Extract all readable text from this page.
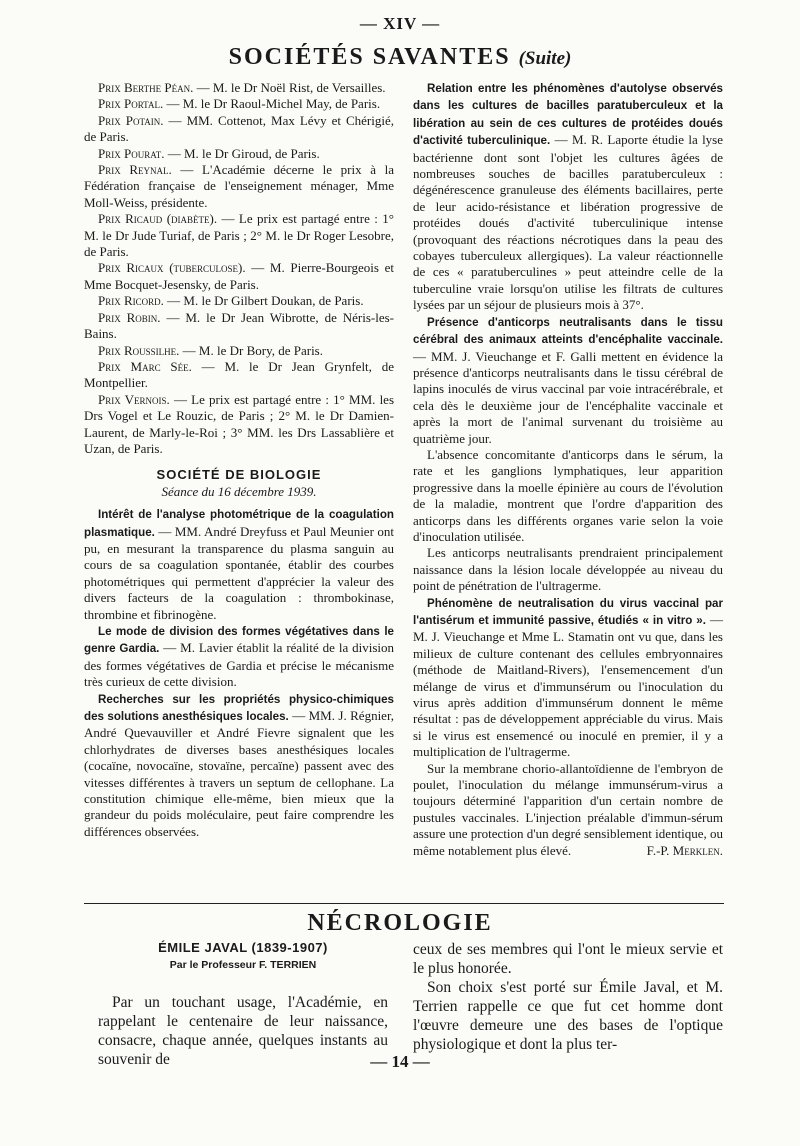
— XIV —
SOCIÉTÉS SAVANTES (Suite)

Prix Berthe Péan. — M. le Dr Noël Rist, de Versailles.

Prix Portal. — M. le Dr Raoul-Michel May, de Paris.

Prix Potain. — MM. Cottenot, Max Lévy et Chérigié, de Paris.

Prix Pourat. — M. le Dr Giroud, de Paris.

Prix Reynal. — L'Académie décerne le prix à la Fédération française de l'enseignement ménager, Mme Moll-Weiss, présidente.

Prix Ricaud (diabète). — Le prix est partagé entre : 1° M. le Dr Jude Turiaf, de Paris ; 2° M. le Dr Roger Lesobre, de Paris.

Prix Ricaux (tuberculose). — M. Pierre-Bourgeois et Mme Bocquet-Jesensky, de Paris.

Prix Ricord. — M. le Dr Gilbert Doukan, de Paris.

Prix Robin. — M. le Dr Jean Wibrotte, de Néris-les-Bains.

Prix Roussilhe. — M. le Dr Bory, de Paris.

Prix Marc Sée. — M. le Dr Jean Grynfelt, de Montpellier.

Prix Vernois. — Le prix est partagé entre : 1° MM. les Drs Vogel et Le Rouzic, de Paris ; 2° M. le Dr Damien-Laurent, de Marly-le-Roi ; 3° MM. les Drs Lassablière et Uzan, de Paris.

SOCIÉTÉ DE BIOLOGIE
Séance du 16 décembre 1939.

Intérêt de l'analyse photométrique de la coagulation plasmatique. — MM. André Dreyfuss et Paul Meunier ont pu, en mesurant la transparence du plasma sanguin au cours de sa coagulation spontanée, établir des courbes photométriques qui permettent d'apprécier la valeur des divers facteurs de la coagulation : thrombokinase, thrombine et fibrinogène.

Le mode de division des formes végétatives dans le genre Gardia. — M. Lavier établit la réalité de la division des formes végétatives de Gardia et précise le mécanisme très curieux de cette division.

Recherches sur les propriétés physico-chimiques des solutions anesthésiques locales. — MM. J. Régnier, André Quevauviller et André Fievre signalent que les chlorhydrates de diverses bases anesthésiques locales (cocaïne, novocaïne, stovaïne, percaïne) passent avec des vitesses différentes à travers un septum de cellophane. La constitution chimique elle-même, bien mieux que la grandeur du poids moléculaire, peut faire comprendre les différences observées.

Relation entre les phénomènes d'autolyse observés dans les cultures de bacilles paratuberculeux et la libération au sein de ces cultures de protéides doués d'activité tuberculinique. — M. R. Laporte étudie la lyse bactérienne dont sont l'objet les cultures âgées de nombreuses souches de bacilles paratuberculeux : dégénérescence granuleuse des éléments bacillaires, perte de leur acido-résistance et libération progressive de protéides doués d'activité tuberculinique intense (provoquant des réactions nécrotiques dans la peau des cobayes tuberculeux allergiques). La valeur réactionnelle de ces « paratuberculines » peut atteindre celle de la tuberculine vraie lorsqu'on utilise les filtrats de cultures lysées par un séjour de plusieurs mois à 37°.

Présence d'anticorps neutralisants dans le tissu cérébral des animaux atteints d'encéphalite vaccinale. — MM. J. Vieuchange et F. Galli mettent en évidence la présence d'anticorps neutralisants dans le tissu cérébral de lapins inoculés de virus vaccinal par voie intracérébrale, et cela dès le deuxième jour de l'encéphalite vaccinale et après la mort de l'animal survenant du troisième au quatrième jour.

L'absence concomitante d'anticorps dans le sérum, la rate et les ganglions lymphatiques, leur apparition progressive dans la moelle épinière au cours de l'évolution de la maladie, montrent que l'ordre d'apparition des anticorps dans les différents organes varie selon la voie d'inoculation utilisée.

Les anticorps neutralisants prendraient principalement naissance dans la lésion locale développée au niveau du point de pénétration de l'ultragerme.

Phénomène de neutralisation du virus vaccinal par l'antisérum et immunité passive, étudiés « in vitro ». — M. J. Vieuchange et Mme L. Stamatin ont vu que, dans les milieux de culture contenant des cellules embryonnaires (méthode de Maitland-Rivers), l'ensemencement d'un mélange de virus et d'immunsérum ou l'inoculation du virus après addition d'immunsérum donnent le même résultat : pas de développement appréciable du virus. Mais si le virus est ensemencé ou inoculé en premier, il y a multiplication de l'ultragerme.

Sur la membrane chorio-allantoïdienne de l'embryon de poulet, l'inoculation du mélange immunsérum-virus a toujours déterminé l'apparition d'un certain nombre de pustules vaccinales. L'injection préalable d'immun-sérum assure une protection d'un degré sensiblement identique, ou même notablement plus élevé.	F.-P. Merklen.

NÉCROLOGIE
ÉMILE JAVAL (1839-1907)
Par le Professeur F. TERRIEN

Par un touchant usage, l'Académie, en rappelant le centenaire de leur naissance, consacre, chaque année, quelques instants au souvenir de

ceux de ses membres qui l'ont le mieux servie et le plus honorée.

Son choix s'est porté sur Émile Javal, et M. Terrien rappelle ce que fut cet homme dont l'œuvre demeure une des bases de l'optique physiologique et dont la plus ter-

— 14 —
